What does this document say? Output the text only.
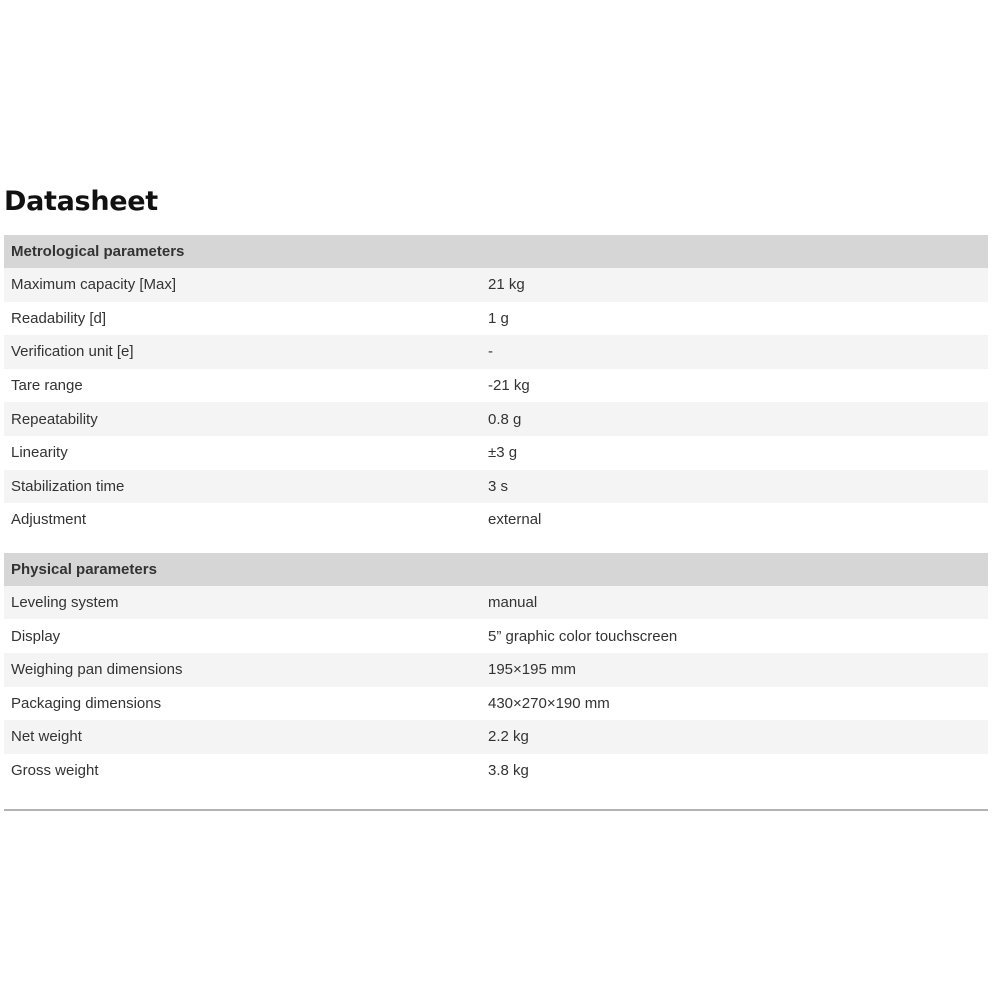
Datasheet
Metrological parameters
Maximum capacity [Max]	21 kg
Readability [d]	1 g
Verification unit [e]	-
Tare range	-21 kg
Repeatability	0.8 g
Linearity	±3 g
Stabilization time	3 s
Adjustment	external
Physical parameters
Leveling system	manual
Display	5” graphic color touchscreen
Weighing pan dimensions	195×195 mm
Packaging dimensions	430×270×190 mm
Net weight	2.2 kg
Gross weight	3.8 kg
